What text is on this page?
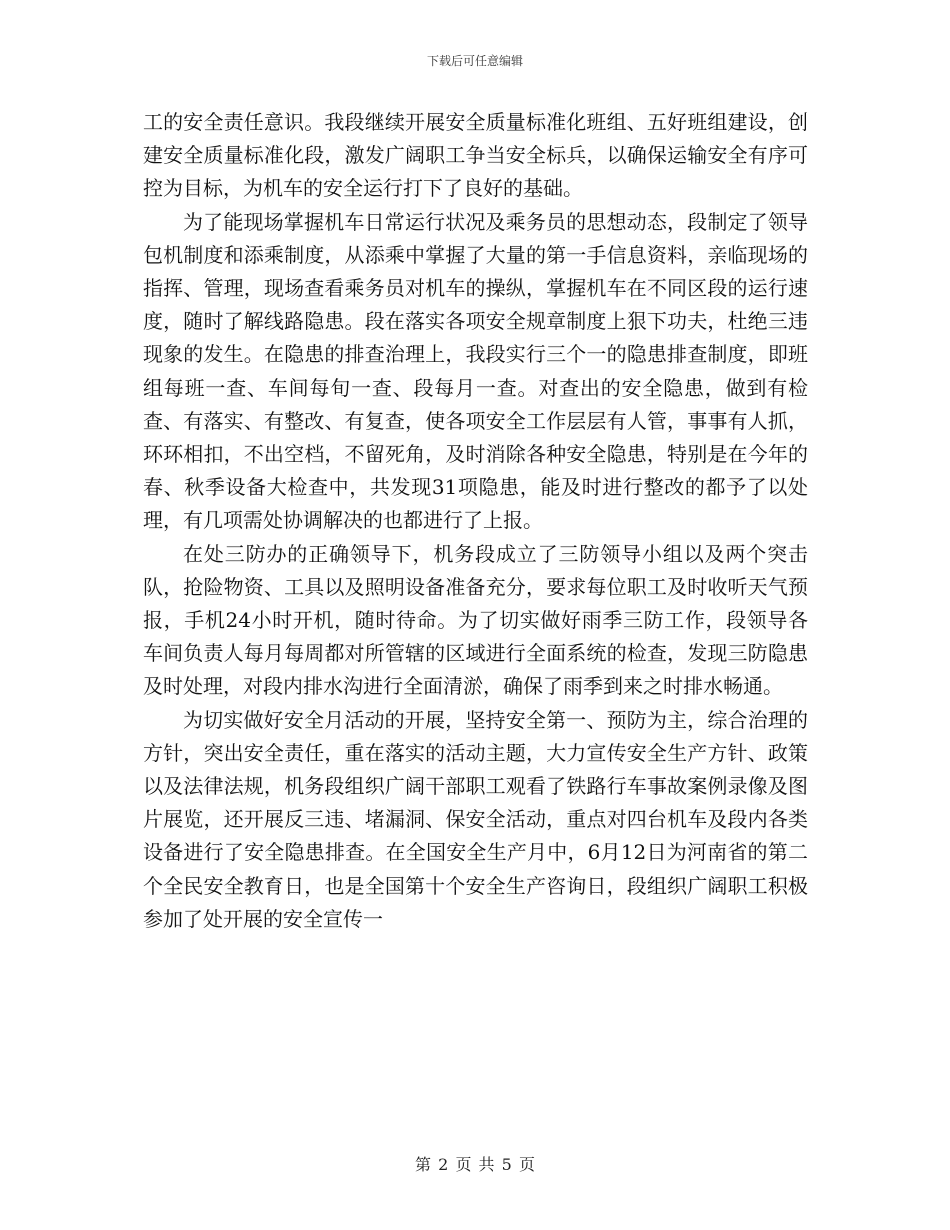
下载后可任意编辑

工的安全责任意识。我段继续开展安全质量标准化班组、五好班组建设，创建安全质量标准化段，激发广阔职工争当安全标兵，以确保运输安全有序可控为目标，为机车的安全运行打下了良好的基础。

为了能现场掌握机车日常运行状况及乘务员的思想动态，段制定了领导包机制度和添乘制度，从添乘中掌握了大量的第一手信息资料，亲临现场的指挥、管理，现场查看乘务员对机车的操纵，掌握机车在不同区段的运行速度，随时了解线路隐患。段在落实各项安全规章制度上狠下功夫，杜绝三违现象的发生。在隐患的排查治理上，我段实行三个一的隐患排查制度，即班组每班一查、车间每旬一查、段每月一查。对查出的安全隐患，做到有检查、有落实、有整改、有复查，使各项安全工作层层有人管，事事有人抓，环环相扣，不出空档，不留死角，及时消除各种安全隐患，特别是在今年的春、秋季设备大检查中，共发现31项隐患，能及时进行整改的都予了以处理，有几项需处协调解决的也都进行了上报。

在处三防办的正确领导下，机务段成立了三防领导小组以及两个突击队，抢险物资、工具以及照明设备准备充分，要求每位职工及时收听天气预报，手机24小时开机，随时待命。为了切实做好雨季三防工作，段领导各车间负责人每月每周都对所管辖的区域进行全面系统的检查，发现三防隐患及时处理，对段内排水沟进行全面清淤，确保了雨季到来之时排水畅通。

为切实做好安全月活动的开展，坚持安全第一、预防为主，综合治理的方针，突出安全责任，重在落实的活动主题，大力宣传安全生产方针、政策以及法律法规，机务段组织广阔干部职工观看了铁路行车事故案例录像及图片展览，还开展反三违、堵漏洞、保安全活动，重点对四台机车及段内各类设备进行了安全隐患排查。在全国安全生产月中，6月12日为河南省的第二个全民安全教育日，也是全国第十个安全生产咨询日，段组织广阔职工积极参加了处开展的安全宣传一

第 2 页 共 5 页
